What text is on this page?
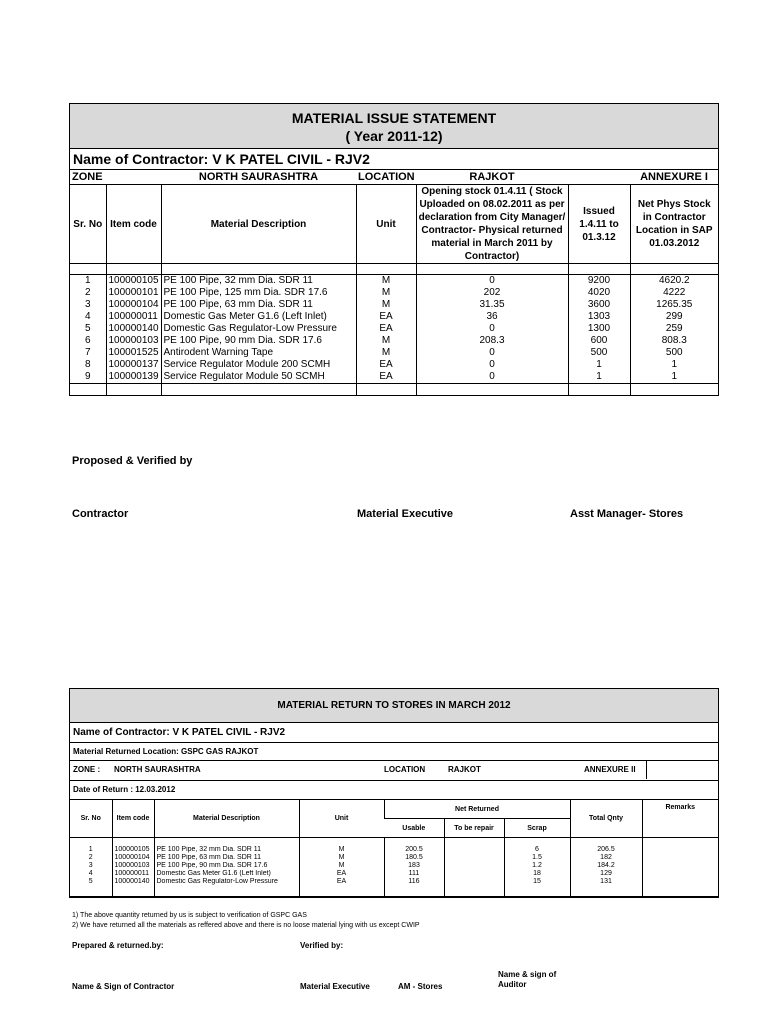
MATERIAL ISSUE STATEMENT
( Year 2011-12)
Name of Contractor: V K PATEL CIVIL - RJV2
ZONE		NORTH SAURASHTRA	LOCATION	RAJKOT		ANNEXURE I
Sr. No	Item code	Material Description	Unit	Opening stock 01.4.11 ( Stock Uploaded on 08.02.2011 as per declaration from City Manager/ Contractor- Physical returned material in March 2011 by Contractor)	Issued 1.4.11 to 01.3.12	Net Phys Stock in Contractor Location in SAP 01.03.2012

1	100000105	PE 100 Pipe, 32 mm Dia. SDR 11	M	0	9200	4620.2
2	100000101	PE 100 Pipe, 125 mm Dia. SDR 17.6	M	202	4020	4222
3	100000104	PE 100 Pipe, 63 mm Dia. SDR 11	M	31.35	3600	1265.35
4	100000011	Domestic Gas Meter G1.6 (Left Inlet)	EA	36	1303	299
5	100000140	Domestic Gas Regulator-Low Pressure	EA	0	1300	259
6	100000103	PE 100 Pipe, 90 mm Dia. SDR 17.6	M	208.3	600	808.3
7	100001525	Antirodent Warning Tape	M	0	500	500
8	100000137	Service Regulator Module 200 SCMH	EA	0	1	1
9	100000139	Service Regulator Module 50 SCMH	EA	0	1	1

Proposed & Verified by
Contractor	Material Executive	Asst Manager- Stores
MATERIAL RETURN TO STORES IN MARCH 2012
Name of Contractor: V K PATEL CIVIL - RJV2
Material Returned Location: GSPC GAS RAJKOT
ZONE : NORTH SAURASHTRA	LOCATION	RAJKOT	ANNEXURE II
Date of Return : 12.03.2012
Sr. No	Item code	Material Description	Unit	Net Returned			Total Qnty	Remarks
				Usable	To be repair	Scrap		

1	100000105	PE 100 Pipe, 32 mm Dia. SDR 11	M	200.5		6	206.5	
2	100000104	PE 100 Pipe, 63 mm Dia. SDR 11	M	180.5		1.5	182	
3	100000103	PE 100 Pipe, 90 mm Dia. SDR 17.6	M	183		1.2	184.2	
4	100000011	Domestic Gas Meter G1.6 (Left Inlet)	EA	111		18	129	
5	100000140	Domestic Gas Regulator-Low Pressure	EA	116		15	131	

1) The above quantity returned by us is subject to verification of GSPC GAS
2) We have returned all the materials as reffered above and there is no loose material lying with us except CWIP
Prepared & returned.by:	Verified by:
Name & Sign of Contractor	Material Executive	AM - Stores
Name & sign of Auditor
